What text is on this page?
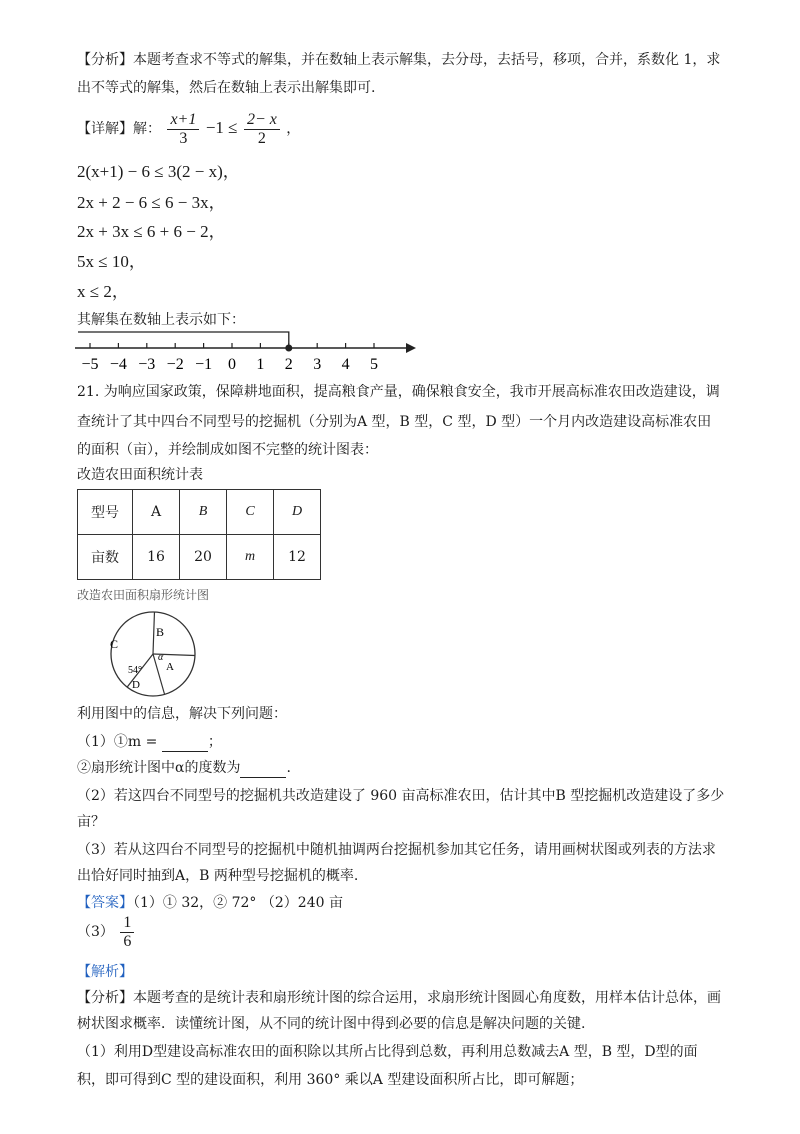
【分析】本题考查求不等式的解集，并在数轴上表示解集，去分母，去括号，移项，合并，系数化 1，求
出不等式的解集，然后在数轴上表示出解集即可.
【详解】解： $\frac{x+1}{3} -1 \le \frac{2- x}{2}$ ，
2(x+1) − 6 ≤ 3(2 − x)，
2x + 2 − 6 ≤ 6 − 3x，
2x + 3x ≤ 6 + 6 − 2，
5x ≤ 10，
x ≤ 2，
其解集在数轴上表示如下：
−5 −4 −3 −2 −1 0 1 2 3 4 5
21. 为响应国家政策，保障耕地面积，提高粮食产量，确保粮食安全，我市开展高标准农田改造建设，调
查统计了其中四台不同型号的挖掘机（分别为A 型，B 型，C 型，D 型）一个月内改造建设高标准农田
的面积（亩），并绘制成如图不完整的统计图表：
改造农田面积统计表
型号	A	B	C	D
亩数	16	20	m	12
改造农田面积扇形统计图
B
C
A
D
α
54°
利用图中的信息，解决下列问题：
（1）①m =	；
②扇形统计图中α的度数为	.
（2）若这四台不同型号的挖掘机共改造建设了 960 亩高标准农田，估计其中B 型挖掘机改造建设了多少
亩？
（3）若从这四台不同型号的挖掘机中随机抽调两台挖掘机参加其它任务，请用画树状图或列表的方法求
出恰好同时抽到A，B 两种型号挖掘机的概率.
【答案】（1）① 32，② 72° （2）240 亩
$(3) \frac{1}{6}$
【解析】
【分析】本题考查的是统计表和扇形统计图的综合运用，求扇形统计图圆心角度数，用样本估计总体，画
树状图求概率．读懂统计图，从不同的统计图中得到必要的信息是解决问题的关键.
（1）利用D型建设高标准农田的面积除以其所占比得到总数，再利用总数减去A 型，B 型，D型的面
积，即可得到C 型的建设面积，利用 360° 乘以A 型建设面积所占比，即可解题；
